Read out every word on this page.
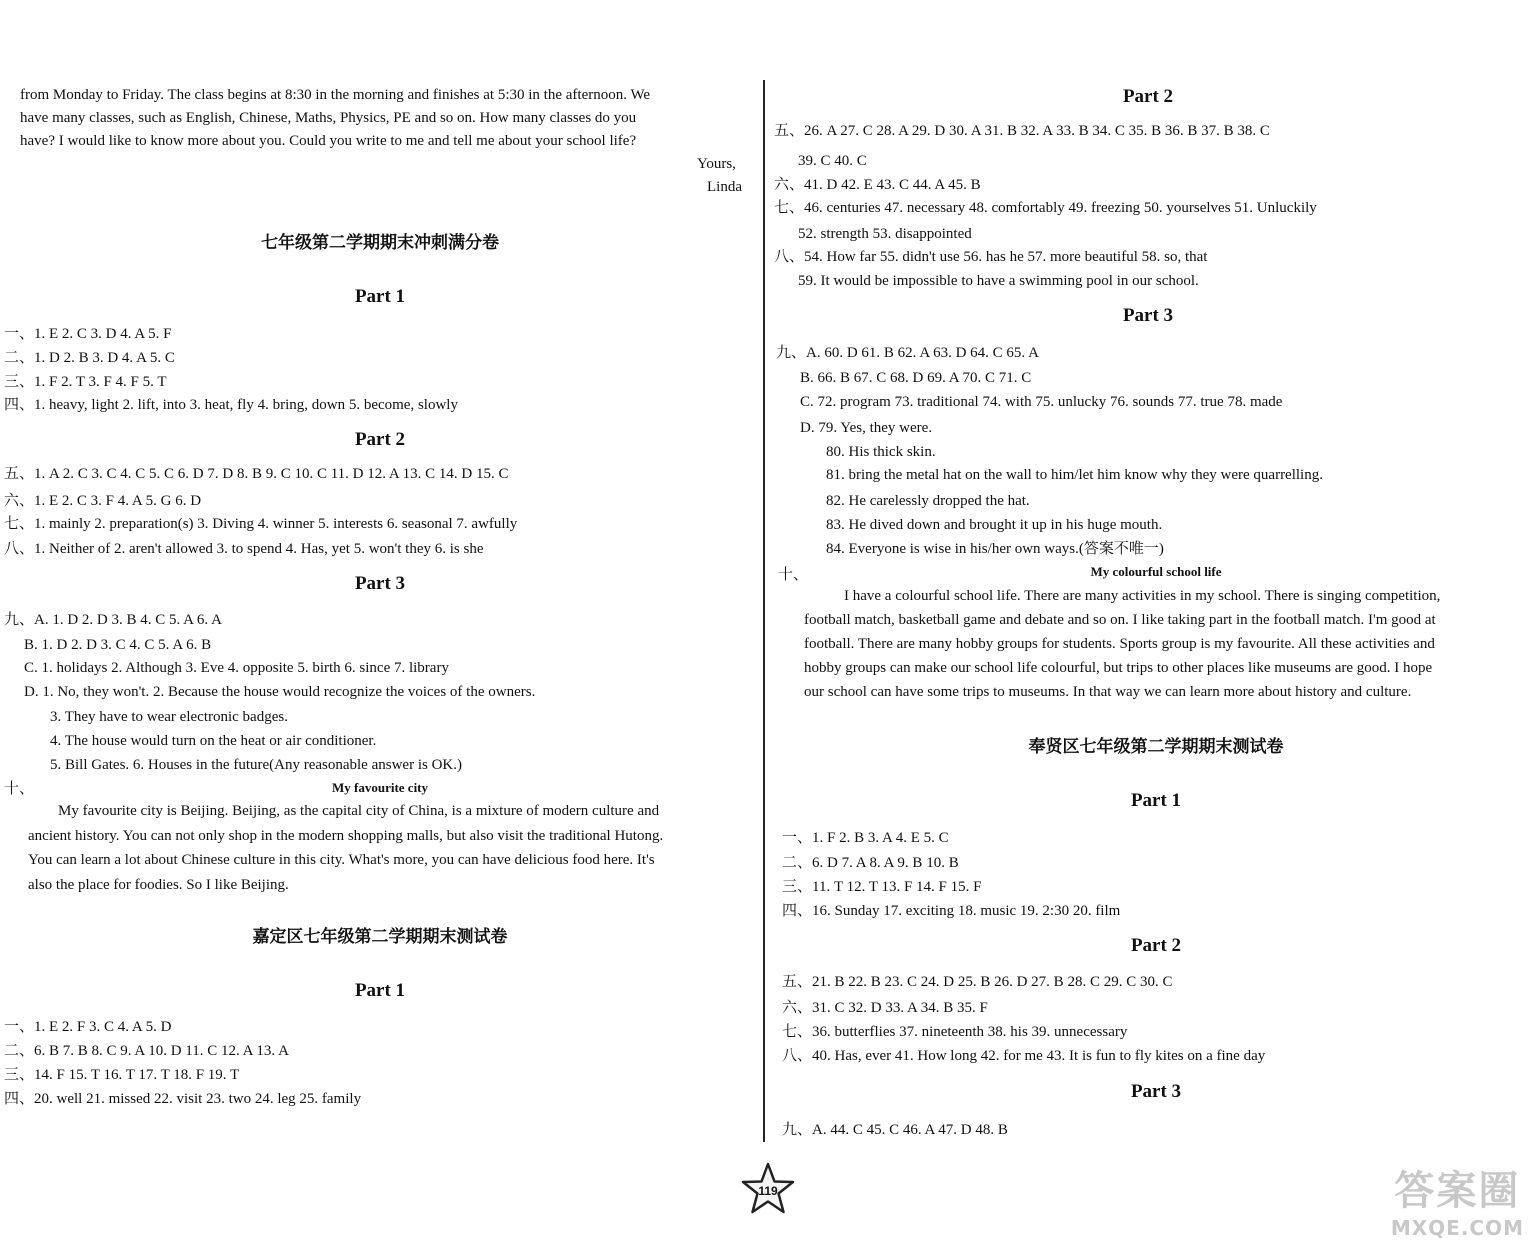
from Monday to Friday. The class begins at 8:30 in the morning and finishes at 5:30 in the afternoon. We
have many classes, such as English, Chinese, Maths, Physics, PE and so on. How many classes do you
have? I would like to know more about you. Could you write to me and tell me about your school life?
Yours,
Linda
七年级第二学期期末冲刺满分卷
Part 1
一、1. E 2. C 3. D 4. A 5. F
二、1. D 2. B 3. D 4. A 5. C
三、1. F 2. T 3. F 4. F 5. T
四、1. heavy, light 2. lift, into 3. heat, fly 4. bring, down 5. become, slowly
Part 2
五、1. A 2. C 3. C 4. C 5. C 6. D 7. D 8. B 9. C 10. C 11. D 12. A 13. C 14. D 15. C
六、1. E 2. C 3. F 4. A 5. G 6. D
七、1. mainly 2. preparation(s) 3. Diving 4. winner 5. interests 6. seasonal 7. awfully
八、1. Neither of 2. aren't allowed 3. to spend 4. Has, yet 5. won't they 6. is she
Part 3
九、A. 1. D 2. D 3. B 4. C 5. A 6. A
B. 1. D 2. D 3. C 4. C 5. A 6. B
C. 1. holidays 2. Although 3. Eve 4. opposite 5. birth 6. since 7. library
D. 1. No, they won't. 2. Because the house would recognize the voices of the owners.
3. They have to wear electronic badges.
4. The house would turn on the heat or air conditioner.
5. Bill Gates. 6. Houses in the future(Any reasonable answer is OK.)
十、	My favourite city
My favourite city is Beijing. Beijing, as the capital city of China, is a mixture of modern culture and
ancient history. You can not only shop in the modern shopping malls, but also visit the traditional Hutong.
You can learn a lot about Chinese culture in this city. What's more, you can have delicious food here. It's
also the place for foodies. So I like Beijing.
嘉定区七年级第二学期期末测试卷
Part 1
一、1. E 2. F 3. C 4. A 5. D
二、6. B 7. B 8. C 9. A 10. D 11. C 12. A 13. A
三、14. F 15. T 16. T 17. T 18. F 19. T
四、20. well 21. missed 22. visit 23. two 24. leg 25. family
Part 2
五、26. A 27. C 28. A 29. D 30. A 31. B 32. A 33. B 34. C 35. B 36. B 37. B 38. C
39. C 40. C
六、41. D 42. E 43. C 44. A 45. B
七、46. centuries 47. necessary 48. comfortably 49. freezing 50. yourselves 51. Unluckily
52. strength 53. disappointed
八、54. How far 55. didn't use 56. has he 57. more beautiful 58. so, that
59. It would be impossible to have a swimming pool in our school.
Part 3
九、A. 60. D 61. B 62. A 63. D 64. C 65. A
B. 66. B 67. C 68. D 69. A 70. C 71. C
C. 72. program 73. traditional 74. with 75. unlucky 76. sounds 77. true 78. made
D. 79. Yes, they were.
80. His thick skin.
81. bring the metal hat on the wall to him/let him know why they were quarrelling.
82. He carelessly dropped the hat.
83. He dived down and brought it up in his huge mouth.
84. Everyone is wise in his/her own ways.(答案不唯一)
十、	My colourful school life
I have a colourful school life. There are many activities in my school. There is singing competition,
football match, basketball game and debate and so on. I like taking part in the football match. I'm good at
football. There are many hobby groups for students. Sports group is my favourite. All these activities and
hobby groups can make our school life colourful, but trips to other places like museums are good. I hope
our school can have some trips to museums. In that way we can learn more about history and culture.
奉贤区七年级第二学期期末测试卷
Part 1
一、1. F 2. B 3. A 4. E 5. C
二、6. D 7. A 8. A 9. B 10. B
三、11. T 12. T 13. F 14. F 15. F
四、16. Sunday 17. exciting 18. music 19. 2:30 20. film
Part 2
五、21. B 22. B 23. C 24. D 25. B 26. D 27. B 28. C 29. C 30. C
六、31. C 32. D 33. A 34. B 35. F
七、36. butterflies 37. nineteenth 38. his 39. unnecessary
八、40. Has, ever 41. How long 42. for me 43. It is fun to fly kites on a fine day
Part 3
九、A. 44. C 45. C 46. A 47. D 48. B
119	答案圈
MXQE.COM
